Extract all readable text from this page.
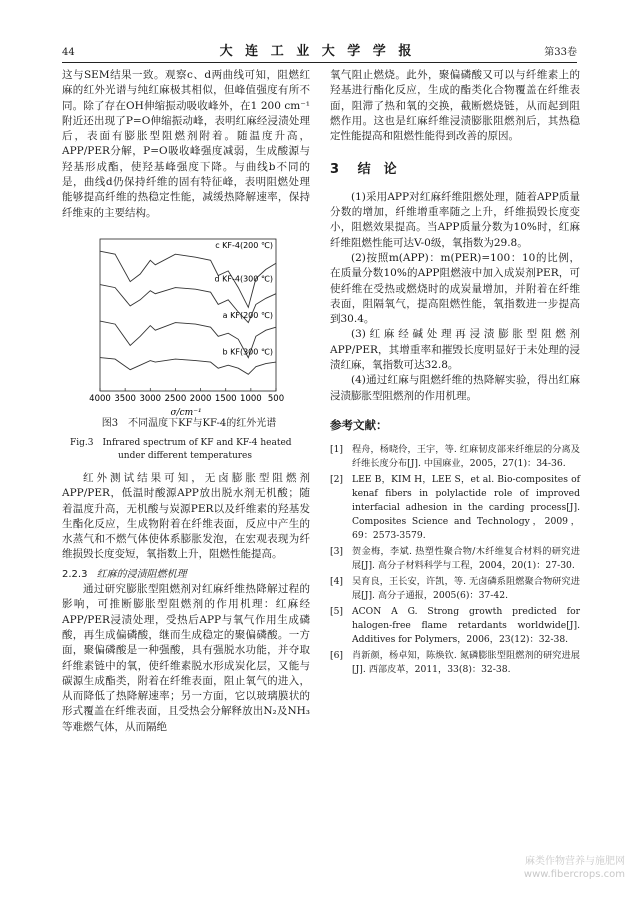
44	大 连 工 业 大 学 学 报	第33卷

这与SEM结果一致。观察c、d两曲线可知，阻燃红麻的红外光谱与纯红麻极其相似，但峰值强度有所不同。除了存在OH伸缩振动吸收峰外，在1 200 cm⁻¹附近还出现了P=O伸缩振动峰，表明红麻经浸渍处理后，表面有膨胀型阻燃剂附着。随温度升高，APP/PER分解，P=O吸收峰强度减弱，生成酸源与羟基形成酯，使羟基峰强度下降。与曲线b不同的是，曲线d仍保持纤维的固有特征峰，表明阻燃处理能够提高纤维的热稳定性能，减缓热降解速率，保持纤维束的主要结构。

c KF-4(200 ℃)
d KF-4(300 ℃)
a KF(200 ℃)
b KF(300 ℃)
4000 3500 3000 2500 2000 1500 1000 500
σ/cm⁻¹
图3　不同温度下KF与KF-4的红外光谱
Fig.3　Infrared spectrum of KF and KF-4 heated
under different temperatures

红外测试结果可知，无卤膨胀型阻燃剂APP/PER，低温时酸源APP放出脱水剂无机酸；随着温度升高，无机酸与炭源PER以及纤维素的羟基发生酯化反应，生成物附着在纤维表面，反应中产生的水蒸气和不燃气体使体系膨胀发泡，在宏观表现为纤维损毁长度变短，氧指数上升，阻燃性能提高。

2.2.3 红麻的浸渍阻燃机理

通过研究膨胀型阻燃剂对红麻纤维热降解过程的影响，可推断膨胀型阻燃剂的作用机理：红麻经APP/PER浸渍处理，受热后APP与氧气作用生成磷酸，再生成偏磷酸，继而生成稳定的聚偏磷酸。一方面，聚偏磷酸是一种强酸，具有强脱水功能，并夺取纤维素链中的氧，使纤维素脱水形成炭化层，又能与碳源生成酯类，附着在纤维表面，阻止氧气的进入，从而降低了热降解速率；另一方面，它以玻璃膜状的形式覆盖在纤维表面，且受热会分解释放出N₂及NH₃等难燃气体，从而隔绝

氧气阻止燃烧。此外，聚偏磷酸又可以与纤维素上的羟基进行酯化反应，生成的酯类化合物覆盖在纤维表面，阻滞了热和氧的交换，截断燃烧链，从而起到阻燃作用。这也是红麻纤维浸渍膨胀阻燃剂后，其热稳定性能提高和阻燃性能得到改善的原因。

3 结　论

(1)采用APP对红麻纤维阻燃处理，随着APP质量分数的增加，纤维增重率随之上升，纤维损毁长度变小，阻燃效果提高。当APP质量分数为10%时，红麻纤维阻燃性能可达V-0级，氧指数为29.8。

(2)按照m(APP)：m(PER)=100：10的比例，在质量分数10%的APP阻燃液中加入成炭剂PER，可使纤维在受热或燃烧时的成炭量增加，并附着在纤维表面，阻隔氧气，提高阻燃性能，氧指数进一步提高到30.4。

(3)红麻经碱处理再浸渍膨胀型阻燃剂APP/PER，其增重率和摧毁长度明显好于未处理的浸渍红麻，氧指数可达32.8。

(4)通过红麻与阻燃纤维的热降解实验，得出红麻浸渍膨胀型阻燃剂的作用机理。

参考文献：
[1] 程舟，杨晓伶，王宇，等. 红麻韧皮部来纤维层的分离及纤维长度分布[J]. 中国麻业，2005，27(1)：34-36.
[2] LEE B，KIM H，LEE S，et al. Bio-composites of kenaf fibers in polylactide role of improved interfacial adhesion in the carding process[J]. Composites Science and Technology，2009，69：2573-3579.
[3] 贺金梅，李斌. 热塑性聚合物/木纤维复合材料的研究进展[J]. 高分子材料科学与工程，2004，20(1)：27-30.
[4] 吴育良，王长安，许凯，等. 无卤磷系阻燃聚合物研究进展[J]. 高分子通报，2005(6)：37-42.
[5] ACON A G. Strong growth predicted for halogen-free flame retardants worldwide[J]. Additives for Polymers，2006，23(12)：32-38.
[6] 肖新颜，杨卓知，陈焕钦. 氮磷膨胀型阻燃剂的研究进展[J]. 西部皮革，2011，33(8)：32-38.
麻类作物营养与施肥网
www.fibercrops.com
